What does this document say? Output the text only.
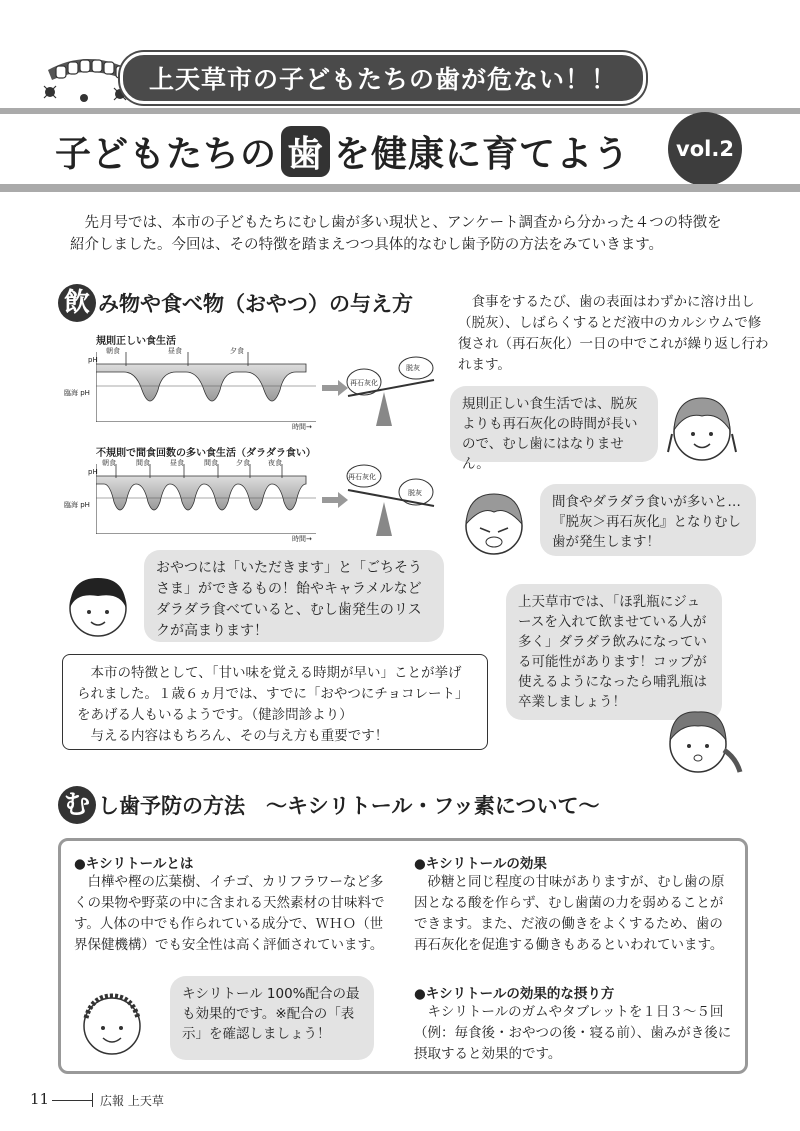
上天草市の子どもたちの歯が危ない！！
子どもたちの 歯 を健康に育てよう	vol.2
先月号では、本市の子どもたちにむし歯が多い現状と、アンケート調査から分かった４つの特徴を紹介しました。今回は、その特徴を踏まえつつ具体的なむし歯予防の方法をみていきます。
飲 み物や食べ物（おやつ）の与え方	食事をするたび、歯の表面はわずかに溶け出し（脱灰）、しばらくするとだ液中のカルシウムで修復され（再石灰化）一日の中でこれが繰り返し行われます。
規則正しい食生活
pH
臨海 pH
朝食	昼食	夕食
時間→
再石灰化
脱灰
不規則で間食回数の多い食生活（ダラダラ食い）
pH
臨海 pH
朝食	間食	昼食	間食	夕食	夜食
時間→
再石灰化
脱灰
規則正しい食生活では、脱灰よりも再石灰化の時間が長いので、むし歯にはなりません。
間食やダラダラ食いが多いと…『脱灰＞再石灰化』となりむし歯が発生します！
おやつには「いただきます」と「ごちそうさま」ができるもの！飴やキャラメルなどダラダラ食べていると、むし歯発生のリスクが高まります！
上天草市では、「ほ乳瓶にジュースを入れて飲ませている人が多く」ダラダラ飲みになっている可能性があります！コップが使えるようになったら哺乳瓶は卒業しましょう！
本市の特徴として、「甘い味を覚える時期が早い」ことが挙げられました。１歳６ヵ月では、すでに「おやつにチョコレート」をあげる人もいるようです。（健診問診より）
与える内容はもちろん、その与え方も重要です！
む し歯予防の方法　～キシリトール・フッ素について～
●キシリトールとは
白樺や樫の広葉樹、イチゴ、カリフラワーなど多くの果物や野菜の中に含まれる天然素材の甘味料です。人体の中でも作られている成分で、ＷＨＯ（世界保健機構）でも安全性は高く評価されています。
キシリトール 100%配合の最も効果的です。※配合の「表示」を確認しましょう！
●キシリトールの効果
砂糖と同じ程度の甘味がありますが、むし歯の原因となる酸を作らず、むし歯菌の力を弱めることができます。また、だ液の働きをよくするため、歯の再石灰化を促進する働きもあるといわれています。
●キシリトールの効果的な摂り方
キシリトールのガムやタブレットを１日３～５回（例：毎食後・おやつの後・寝る前）、歯みがき後に摂取すると効果的です。
11	広報 上天草
